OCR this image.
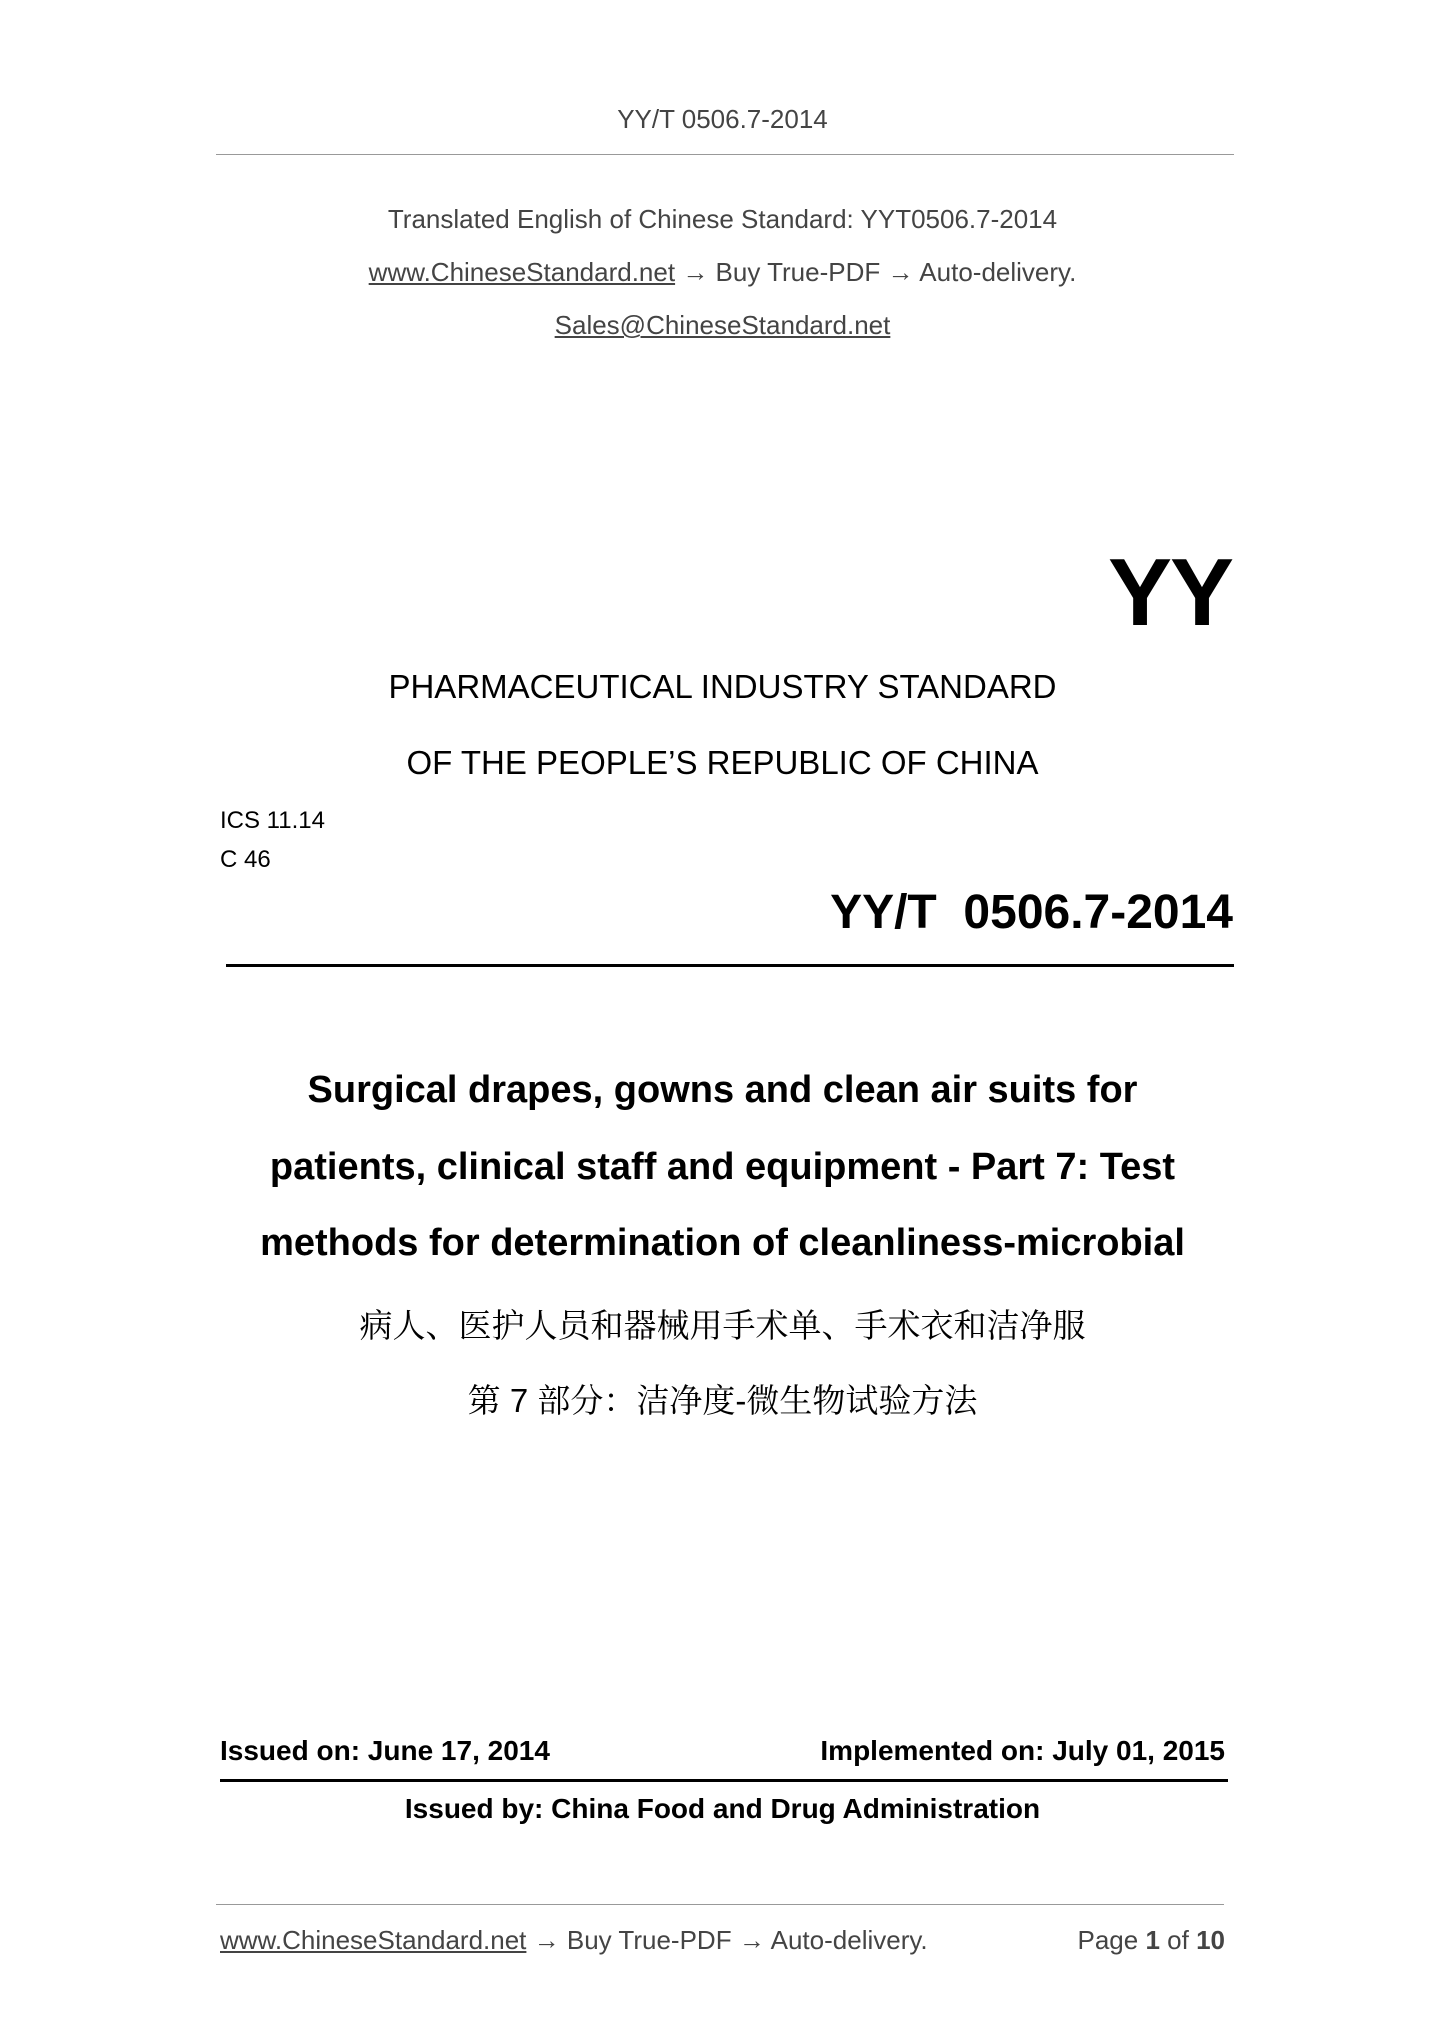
YY/T 0506.7-2014
Translated English of Chinese Standard: YYT0506.7-2014
www.ChineseStandard.net → Buy True-PDF → Auto-delivery.
Sales@ChineseStandard.net
YY
PHARMACEUTICAL INDUSTRY STANDARD
OF THE PEOPLE’S REPUBLIC OF CHINA
ICS 11.14
C 46
YY/T  0506.7-2014
Surgical drapes, gowns and clean air suits for
patients, clinical staff and equipment - Part 7: Test
methods for determination of cleanliness-microbial
病人、医护人员和器械用手术单、手术衣和洁净服
第 7 部分：洁净度-微生物试验方法
Issued on: June 17, 2014	Implemented on: July 01, 2015
Issued by: China Food and Drug Administration
www.ChineseStandard.net → Buy True-PDF → Auto-delivery.	Page 1 of 10
